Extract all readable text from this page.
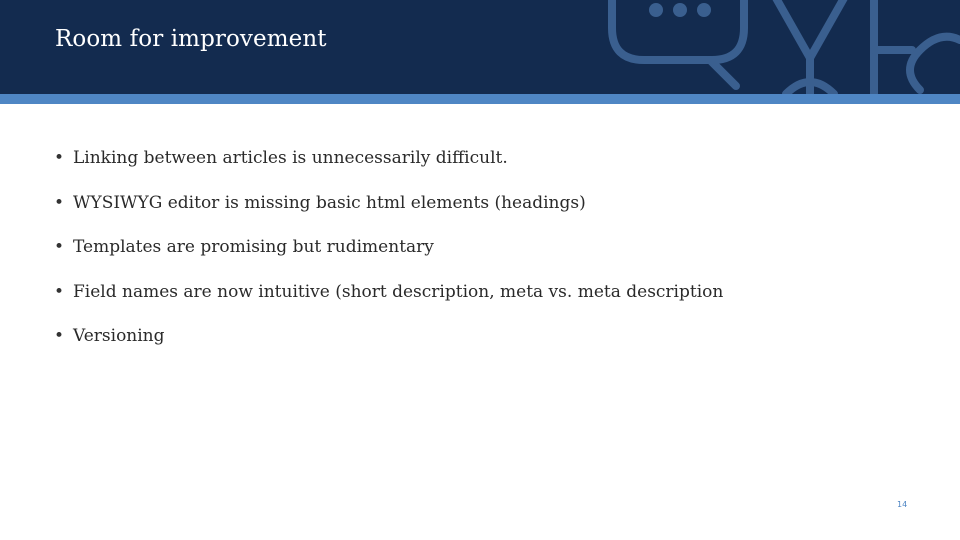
Room for improvement
• Linking between articles is unnecessarily difficult.
• WYSIWYG editor is missing basic html elements (headings)
• Templates are promising but rudimentary
• Field names are now intuitive (short description, meta vs. meta description
• Versioning
14
